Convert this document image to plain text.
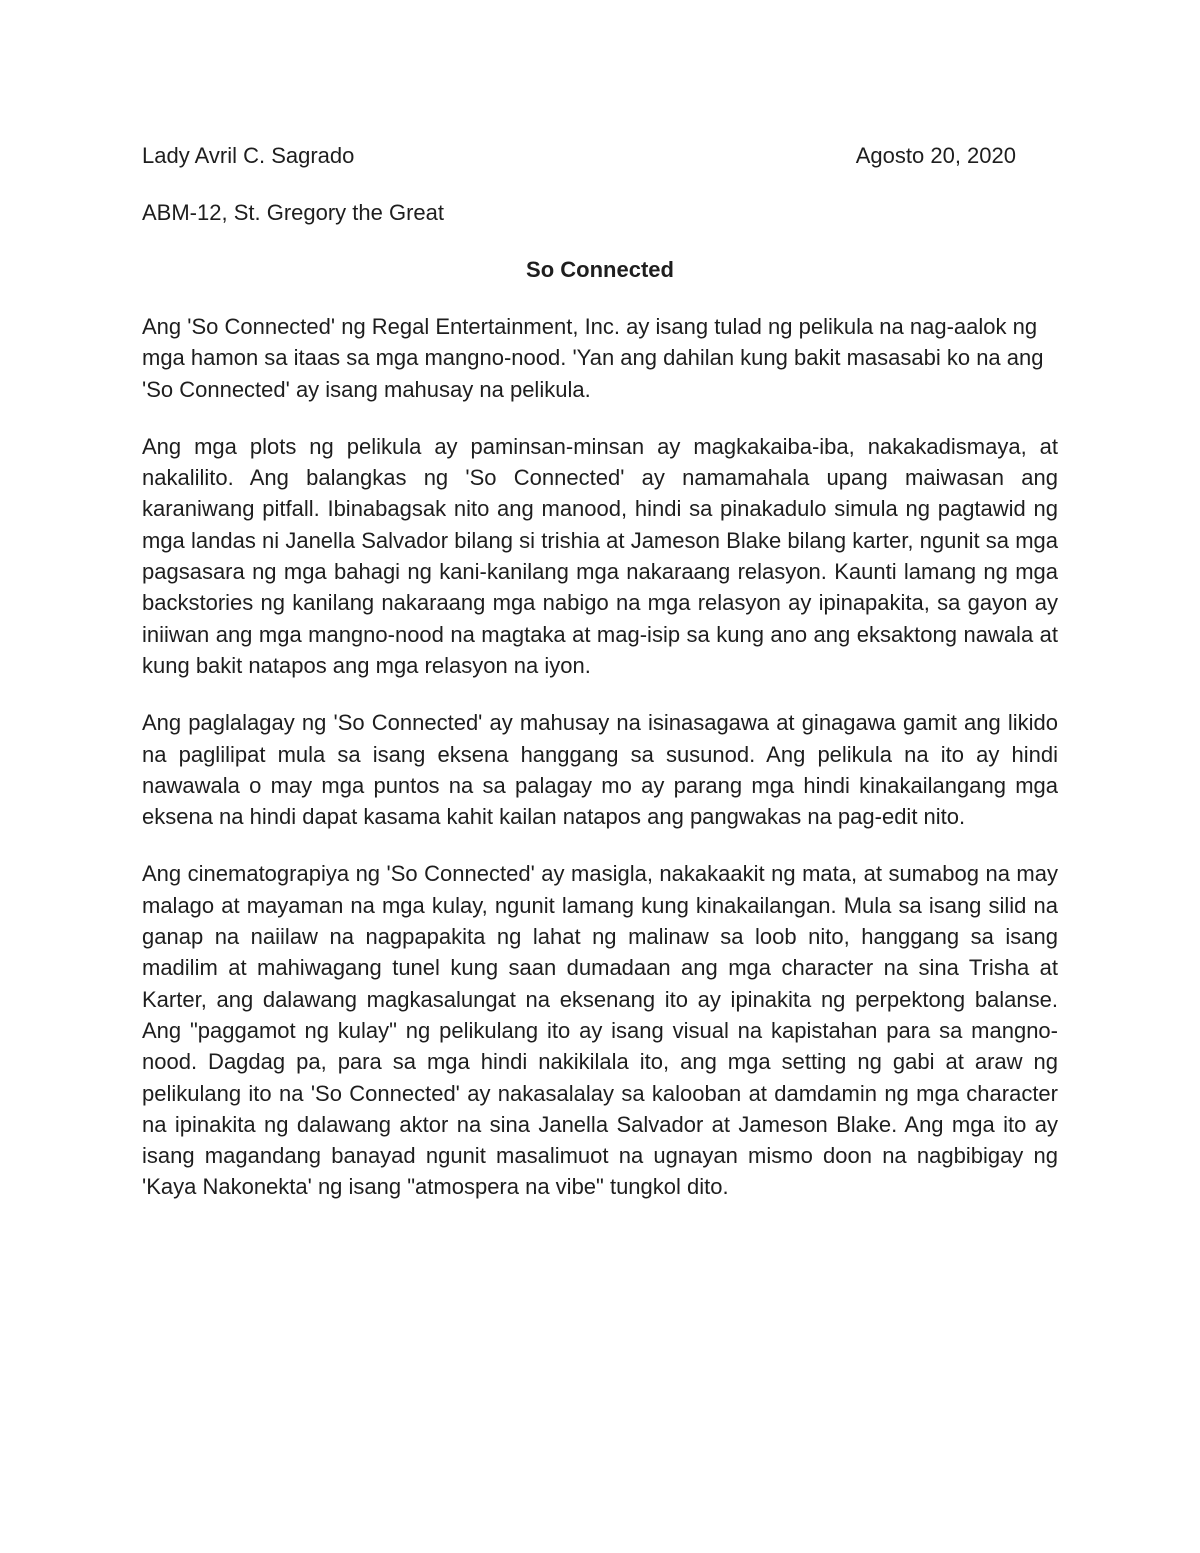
Lady Avril C. Sagrado	Agosto 20, 2020

ABM-12, St. Gregory the Great

So Connected

Ang 'So Connected' ng Regal Entertainment, Inc. ay isang tulad ng pelikula na nag-aalok ng mga hamon sa itaas sa mga mangno-nood. 'Yan ang dahilan kung bakit masasabi ko na ang 'So Connected' ay isang mahusay na pelikula.

Ang mga plots ng pelikula ay paminsan-minsan ay magkakaiba-iba, nakakadismaya, at nakalilito. Ang balangkas ng 'So Connected' ay namamahala upang maiwasan ang karaniwang pitfall. Ibinabagsak nito ang manood, hindi sa pinakadulo simula ng pagtawid ng mga landas ni Janella Salvador bilang si trishia at Jameson Blake bilang karter, ngunit sa mga pagsasara ng mga bahagi ng kani-kanilang mga nakaraang relasyon. Kaunti lamang ng mga backstories ng kanilang nakaraang mga nabigo na mga relasyon ay ipinapakita, sa gayon ay iniiwan ang mga mangno-nood na magtaka at mag-isip sa kung ano ang eksaktong nawala at kung bakit natapos ang mga relasyon na iyon.

Ang paglalagay ng 'So Connected' ay mahusay na isinasagawa at ginagawa gamit ang likido na paglilipat mula sa isang eksena hanggang sa susunod. Ang pelikula na ito ay hindi nawawala o may mga puntos na sa palagay mo ay parang mga hindi kinakailangang mga eksena na hindi dapat kasama kahit kailan natapos ang pangwakas na pag-edit nito.

Ang cinematograpiya ng 'So Connected' ay masigla, nakakaakit ng mata, at sumabog na may malago at mayaman na mga kulay, ngunit lamang kung kinakailangan. Mula sa isang silid na ganap na naiilaw na nagpapakita ng lahat ng malinaw sa loob nito, hanggang sa isang madilim at mahiwagang tunel kung saan dumadaan ang mga character na sina Trisha at Karter, ang dalawang magkasalungat na eksenang ito ay ipinakita ng perpektong balanse. Ang "paggamot ng kulay" ng pelikulang ito ay isang visual na kapistahan para sa mangno-nood. Dagdag pa, para sa mga hindi nakikilala ito, ang mga setting ng gabi at araw ng pelikulang ito na 'So Connected' ay nakasalalay sa kalooban at damdamin ng mga character na ipinakita ng dalawang aktor na sina Janella Salvador at Jameson Blake. Ang mga ito ay isang magandang banayad ngunit masalimuot na ugnayan mismo doon na nagbibigay ng 'Kaya Nakonekta' ng isang "atmospera na vibe" tungkol dito.
